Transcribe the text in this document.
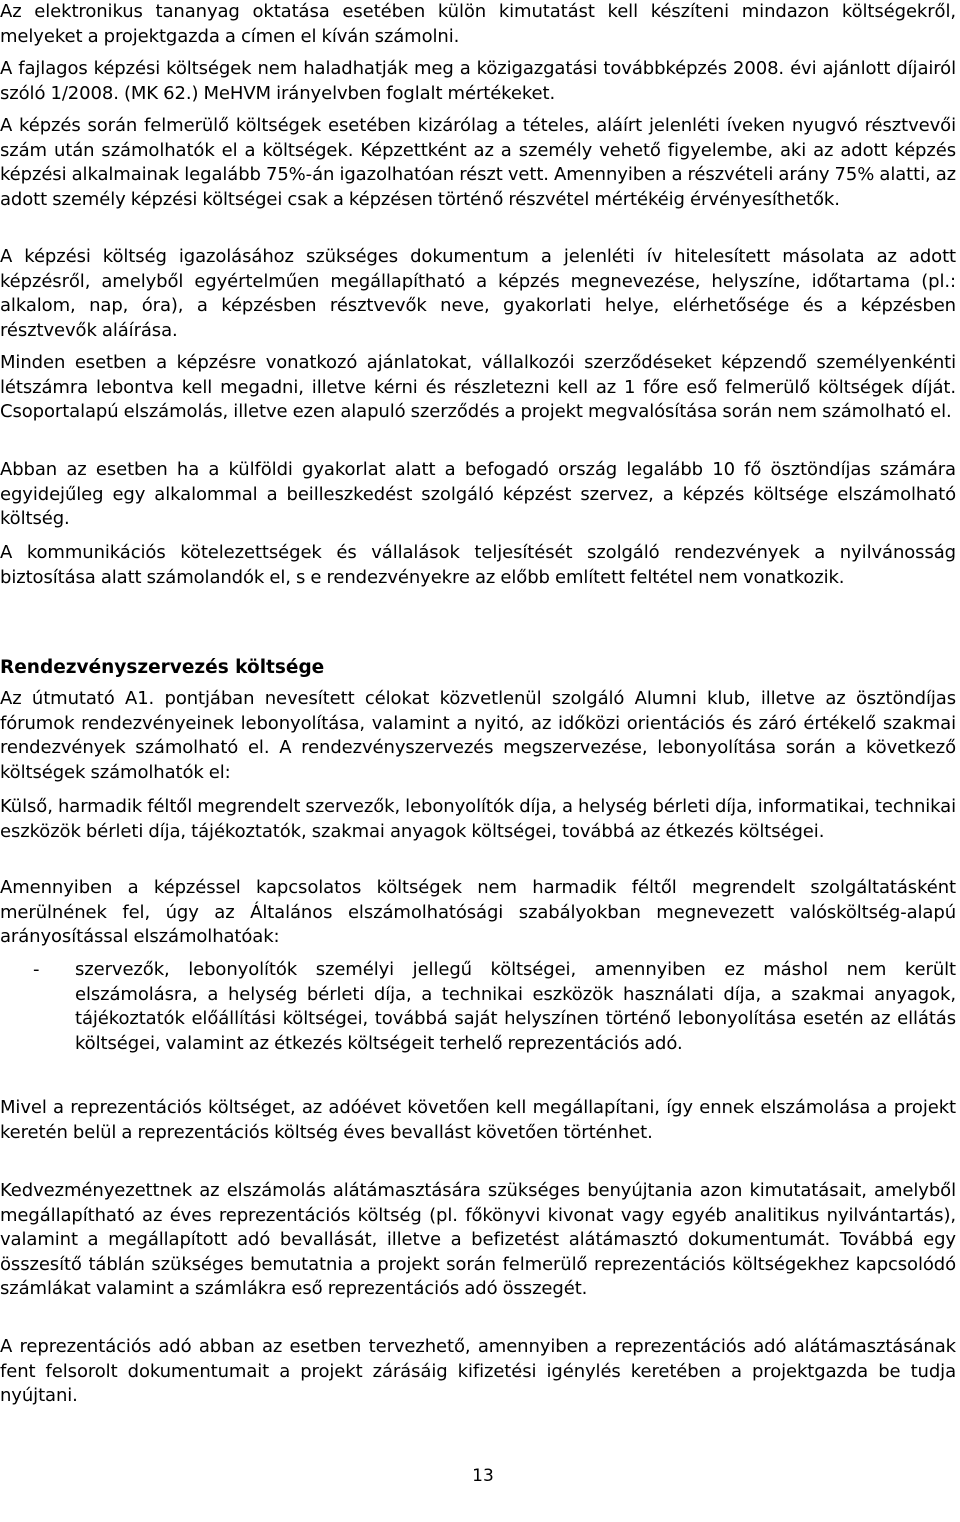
Az elektronikus tananyag oktatása esetében külön kimutatást kell készíteni mindazon költségekről, melyeket a projektgazda a címen el kíván számolni.

A fajlagos képzési költségek nem haladhatják meg a közigazgatási továbbképzés 2008. évi ajánlott díjairól szóló 1/2008. (MK 62.) MeHVM irányelvben foglalt mértékeket.

A képzés során felmerülő költségek esetében kizárólag a tételes, aláírt jelenléti íveken nyugvó résztvevői szám után számolhatók el a költségek. Képzettként az a személy vehető figyelembe, aki az adott képzés képzési alkalmainak legalább 75%-án igazolhatóan részt vett. Amennyiben a részvételi arány 75% alatti, az adott személy képzési költségei csak a képzésen történő részvétel mértékéig érvényesíthetők.

A képzési költség igazolásához szükséges dokumentum a jelenléti ív hitelesített másolata az adott képzésről, amelyből egyértelműen megállapítható a képzés megnevezése, helyszíne, időtartama (pl.: alkalom, nap, óra), a képzésben résztvevők neve, gyakorlati helye, elérhetősége és a képzésben résztvevők aláírása.

Minden esetben a képzésre vonatkozó ajánlatokat, vállalkozói szerződéseket képzendő személyenkénti létszámra lebontva kell megadni, illetve kérni és részletezni kell az 1 főre eső felmerülő költségek díját. Csoportalapú elszámolás, illetve ezen alapuló szerződés a projekt megvalósítása során nem számolható el.

Abban az esetben ha a külföldi gyakorlat alatt a befogadó ország legalább 10 fő ösztöndíjas számára egyidejűleg egy alkalommal a beilleszkedést szolgáló képzést szervez, a képzés költsége elszámolható költség.

A kommunikációs kötelezettségek és vállalások teljesítését szolgáló rendezvények a nyilvánosság biztosítása alatt számolandók el, s e rendezvényekre az előbb említett feltétel nem vonatkozik.

Rendezvényszervezés költsége

Az útmutató A1. pontjában nevesített célokat közvetlenül szolgáló Alumni klub, illetve az ösztöndíjas fórumok rendezvényeinek lebonyolítása, valamint a nyitó, az időközi orientációs és záró értékelő szakmai rendezvények számolható el. A rendezvényszervezés megszervezése, lebonyolítása során a következő költségek számolhatók el:

Külső, harmadik féltől megrendelt szervezők, lebonyolítók díja, a helység bérleti díja, informatikai, technikai eszközök bérleti díja, tájékoztatók, szakmai anyagok költségei, továbbá az étkezés költségei.

Amennyiben a képzéssel kapcsolatos költségek nem harmadik féltől megrendelt szolgáltatásként merülnének fel, úgy az Általános elszámolhatósági szabályokban megnevezett valósköltség-alapú arányosítással elszámolhatóak:

- szervezők, lebonyolítók személyi jellegű költségei, amennyiben ez máshol nem került elszámolásra, a helység bérleti díja, a technikai eszközök használati díja, a szakmai anyagok, tájékoztatók előállítási költségei, továbbá saját helyszínen történő lebonyolítása esetén az ellátás költségei, valamint az étkezés költségeit terhelő reprezentációs adó.

Mivel a reprezentációs költséget, az adóévet követően kell megállapítani, így ennek elszámolása a projekt keretén belül a reprezentációs költség éves bevallást követően történhet.

Kedvezményezettnek az elszámolás alátámasztására szükséges benyújtania azon kimutatásait, amelyből megállapítható az éves reprezentációs költség (pl. főkönyvi kivonat vagy egyéb analitikus nyilvántartás), valamint a megállapított adó bevallását, illetve a befizetést alátámasztó dokumentumát. Továbbá egy összesítő táblán szükséges bemutatnia a projekt során felmerülő reprezentációs költségekhez kapcsolódó számlákat valamint a számlákra eső reprezentációs adó összegét.

A reprezentációs adó abban az esetben tervezhető, amennyiben a reprezentációs adó alátámasztásának fent felsorolt dokumentumait a projekt zárásáig kifizetési igénylés keretében a projektgazda be tudja nyújtani.

13
